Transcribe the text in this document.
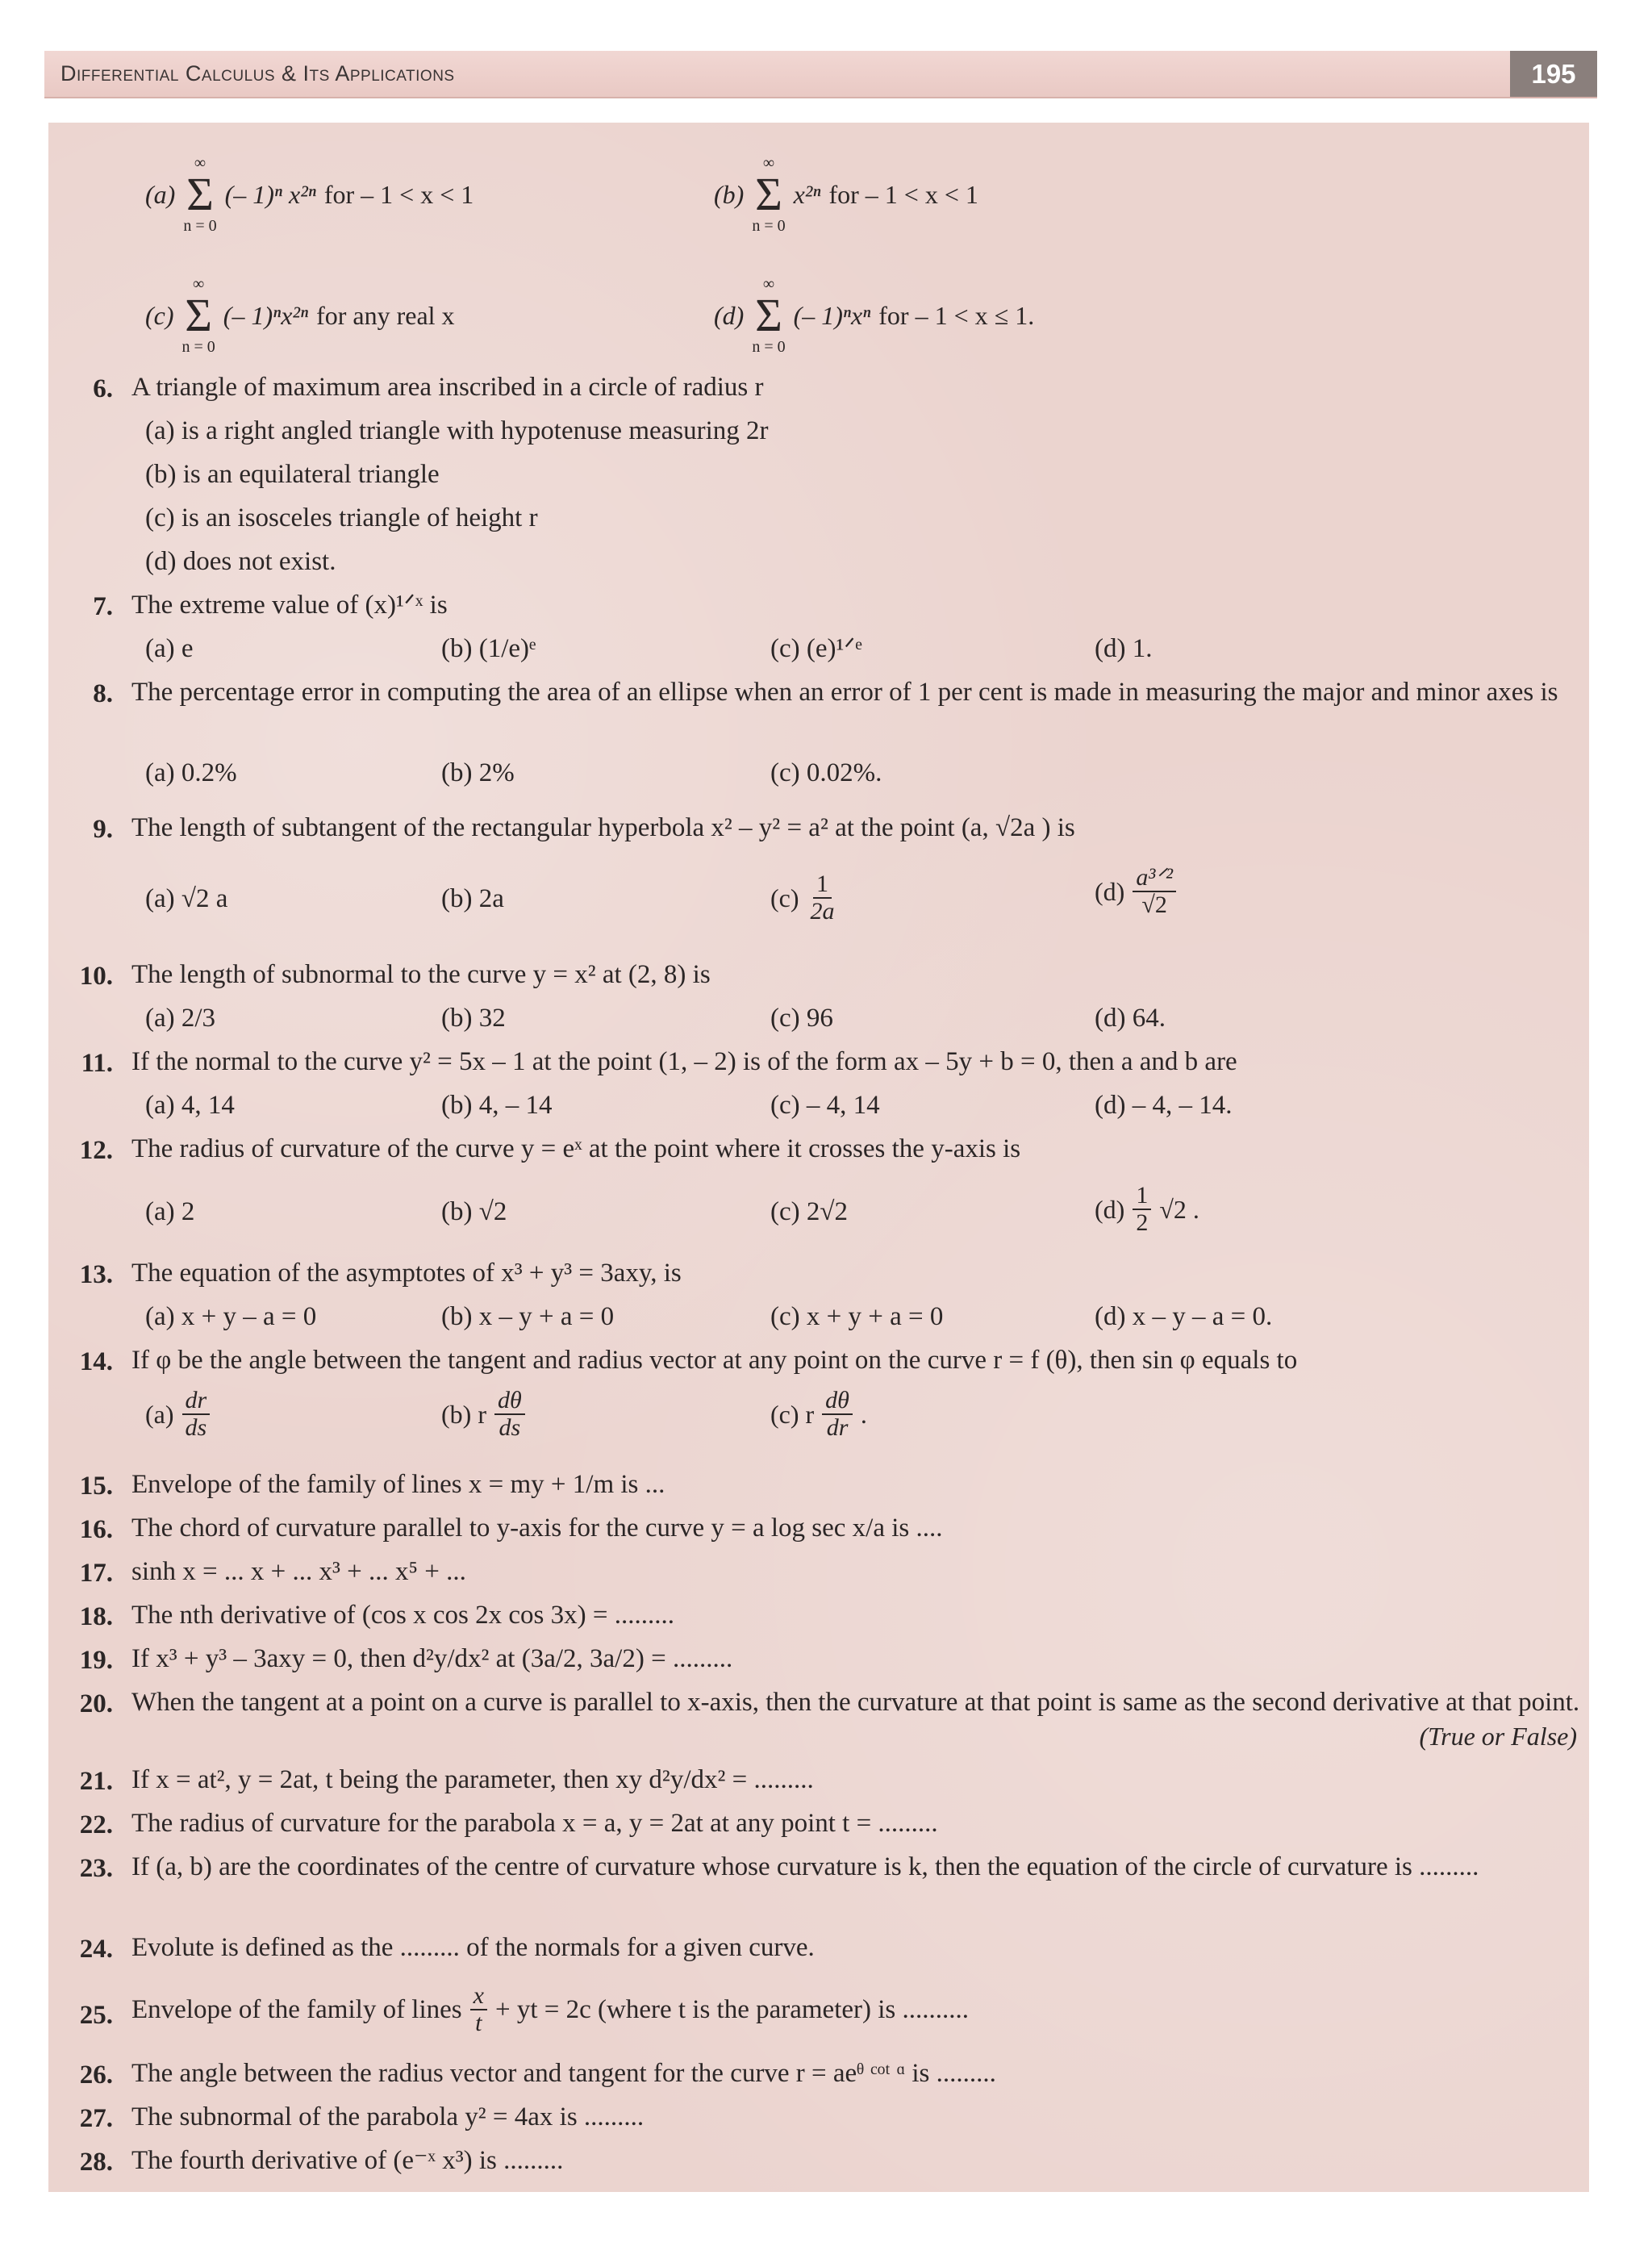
Differential Calculus & Its Applications	195
(a)
∞
Σ
n = 0
(– 1)ⁿ x²ⁿ for – 1 < x < 1	(b)
∞
Σ
n = 0
x²ⁿ for – 1 < x < 1
(c)
∞
Σ
n = 0
(– 1)ⁿx²ⁿ for any real x	(d)
∞
Σ
n = 0
(– 1)ⁿxⁿ for – 1 < x ≤ 1.
6. A triangle of maximum area inscribed in a circle of radius r
(a) is a right angled triangle with hypotenuse measuring 2r
(b) is an equilateral triangle
(c) is an isosceles triangle of height r
(d) does not exist.
7. The extreme value of (x)¹ᐟˣ is
(a) e	(b) (1/e)ᵉ	(c) (e)¹ᐟᵉ	(d) 1.
8. The percentage error in computing the area of an ellipse when an error of 1 per cent is made in measuring the major and minor axes is
(a) 0.2%	(b) 2%	(c) 0.02%.
9. The length of subtangent of the rectangular hyperbola x² – y² = a² at the point (a, √2a ) is
(a) √2 a	(b) 2a	$(c) \frac{1}{2a}$	$(d) \frac{\text{a³ᐟ²}}{√2}$
10. The length of subnormal to the curve y = x² at (2, 8) is
(a) 2/3	(b) 32	(c) 96	(d) 64.
11. If the normal to the curve y² = 5x – 1 at the point (1, – 2) is of the form ax – 5y + b = 0, then a and b are
(a) 4, 14	(b) 4, – 14	(c) – 4, 14	(d) – 4, – 14.
12. The radius of curvature of the curve y = eˣ at the point where it crosses the y-axis is
(a) 2	(b) √2	(c) 2√2	$(d) \frac{1}{2} √2$ .
13. The equation of the asymptotes of x³ + y³ = 3axy, is
(a) x + y – a = 0	(b) x – y + a = 0	(c) x + y + a = 0	(d) x – y – a = 0.
14. If φ be the angle between the tangent and radius vector at any point on the curve r = f (θ), then sin φ equals to
$(a) \frac{dr}{ds}$	(b) r $\frac{d\theta}{ds}$	(c) r $\frac{d\theta}{dr}$ .
15. Envelope of the family of lines x = my + 1/m is ...
16. The chord of curvature parallel to y-axis for the curve y = a log sec x/a is ....
17. sinh x = ... x + ... x³ + ... x⁵ + ...
18. The nth derivative of (cos x cos 2x cos 3x) = .........
19. If x³ + y³ – 3axy = 0, then d²y/dx² at (3a/2, 3a/2) = .........
20. When the tangent at a point on a curve is parallel to x-axis, then the curvature at that point is same as the second derivative at that point.
(True or False)
21. If x = at², y = 2at, t being the parameter, then xy d²y/dx² = .........
22. The radius of curvature for the parabola x = a, y = 2at at any point t = .........
23. If (a, b) are the coordinates of the centre of curvature whose curvature is k, then the equation of the circle of curvature is .........
24. Evolute is defined as the ......... of the normals for a given curve.
25. Envelope of the family of lines $\frac{x}{t}$ + yt = 2c (where t is the parameter) is ..........
26. The angle between the radius vector and tangent for the curve r = aeᶿ ᶜᵒᵗ ᵅ is .........
27. The subnormal of the parabola y² = 4ax is .........
28. The fourth derivative of (e⁻ˣ x³) is .........
